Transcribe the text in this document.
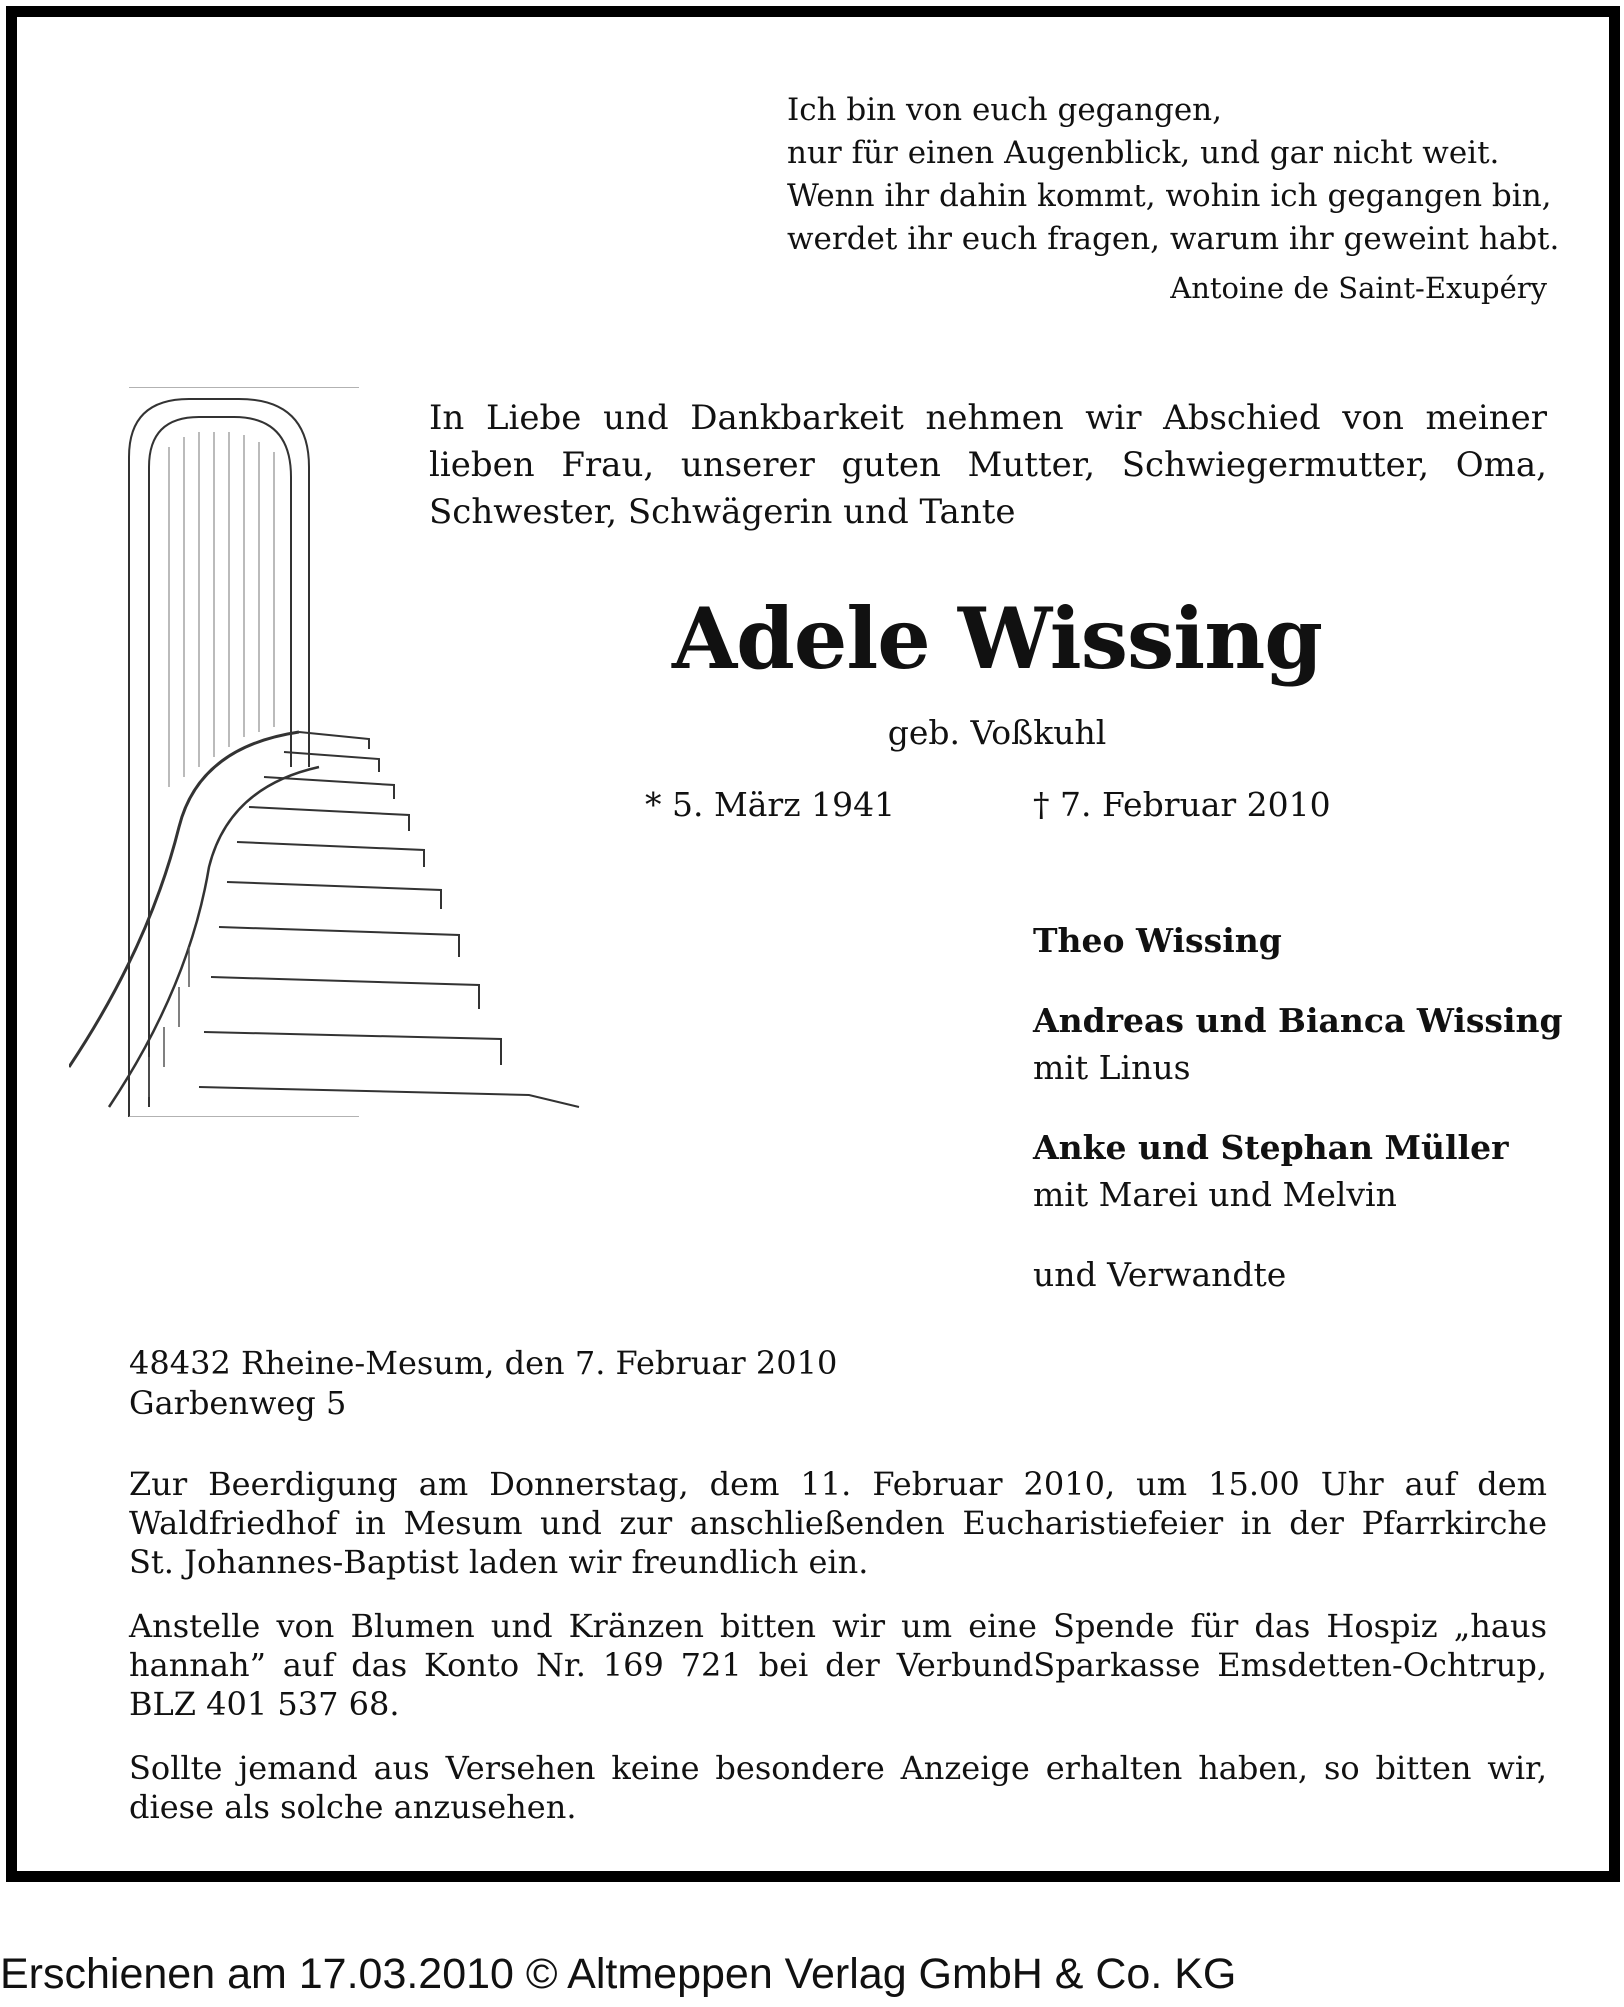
Ich bin von euch gegangen,
nur für einen Augenblick, und gar nicht weit.
Wenn ihr dahin kommt, wohin ich gegangen bin,
werdet ihr euch fragen, warum ihr geweint habt.
Antoine de Saint-Exupéry
In Liebe und Dankbarkeit nehmen wir Abschied von meiner
lieben Frau, unserer guten Mutter, Schwiegermutter, Oma,
Schwester, Schwägerin und Tante
Adele Wissing
geb. Voßkuhl
* 5. März 1941	† 7. Februar 2010
Theo Wissing
Andreas und Bianca Wissing
mit Linus
Anke und Stephan Müller
mit Marei und Melvin
und Verwandte
48432 Rheine-Mesum, den 7. Februar 2010
Garbenweg 5
Zur Beerdigung am Donnerstag, dem 11. Februar 2010, um 15.00 Uhr auf dem
Waldfriedhof in Mesum und zur anschließenden Eucharistiefeier in der Pfarrkirche
St. Johannes-Baptist laden wir freundlich ein.
Anstelle von Blumen und Kränzen bitten wir um eine Spende für das Hospiz „haus
hannah” auf das Konto Nr. 169 721 bei der VerbundSparkasse Emsdetten-Ochtrup,
BLZ 401 537 68.
Sollte jemand aus Versehen keine besondere Anzeige erhalten haben, so bitten wir,
diese als solche anzusehen.
Erschienen am 17.03.2010 © Altmeppen Verlag GmbH & Co. KG
